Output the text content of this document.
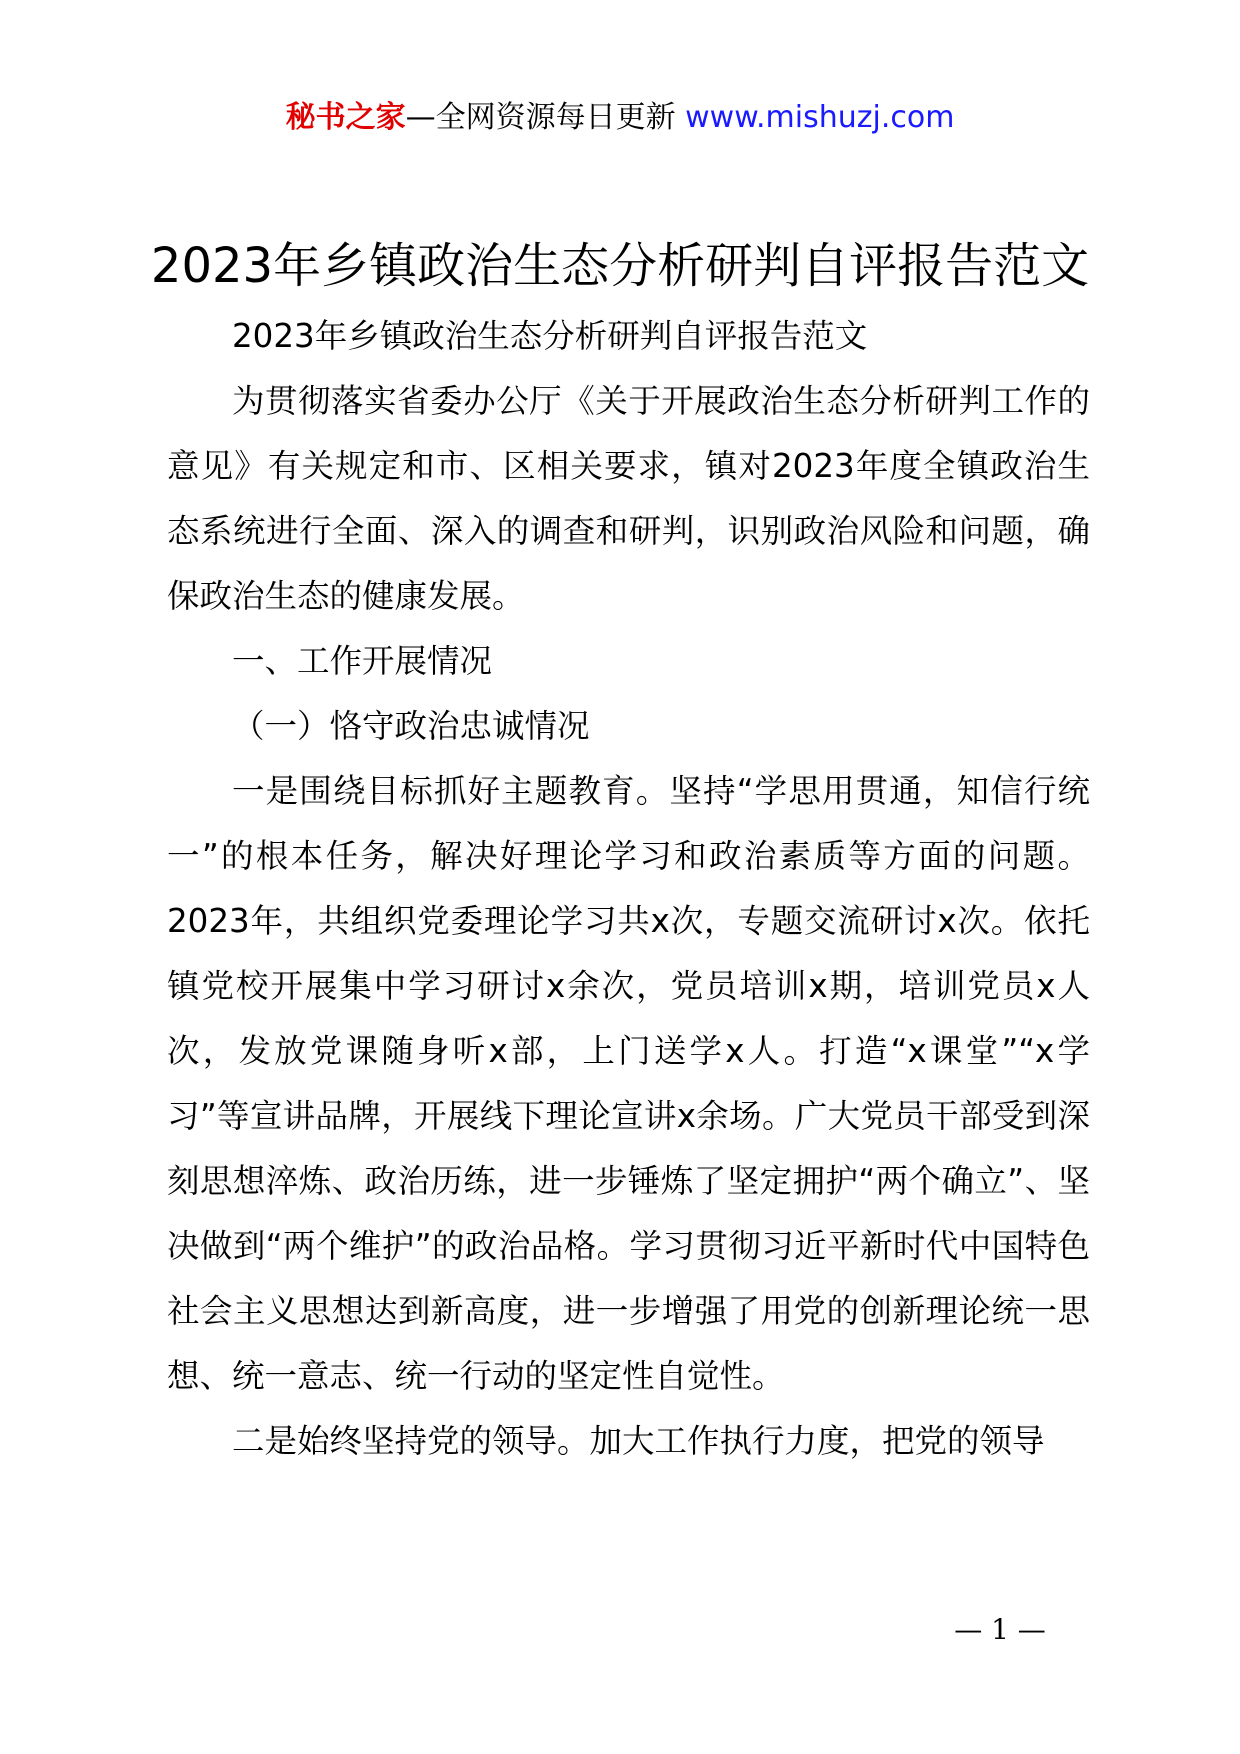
秘书之家—全网资源每日更新 www.mishuzj.com
2023年乡镇政治生态分析研判自评报告范文

2023年乡镇政治生态分析研判自评报告范文

为贯彻落实省委办公厅《关于开展政治生态分析研判工作的意见》有关规定和市、区相关要求，镇对2023年度全镇政治生态系统进行全面、深入的调查和研判，识别政治风险和问题，确保政治生态的健康发展。

一、工作开展情况

（一）恪守政治忠诚情况

一是围绕目标抓好主题教育。坚持“学思用贯通，知信行统一”的根本任务，解决好理论学习和政治素质等方面的问题。2023年，共组织党委理论学习共x次，专题交流研讨x次。依托镇党校开展集中学习研讨x余次，党员培训x期，培训党员x人次，发放党课随身听x部，上门送学x人。打造“x课堂”“x学习”等宣讲品牌，开展线下理论宣讲x余场。广大党员干部受到深刻思想淬炼、政治历练，进一步锤炼了坚定拥护“两个确立”、坚决做到“两个维护”的政治品格。学习贯彻习近平新时代中国特色社会主义思想达到新高度，进一步增强了用党的创新理论统一思想、统一意志、统一行动的坚定性自觉性。

二是始终坚持党的领导。加大工作执行力度，把党的领导

— 1 —
